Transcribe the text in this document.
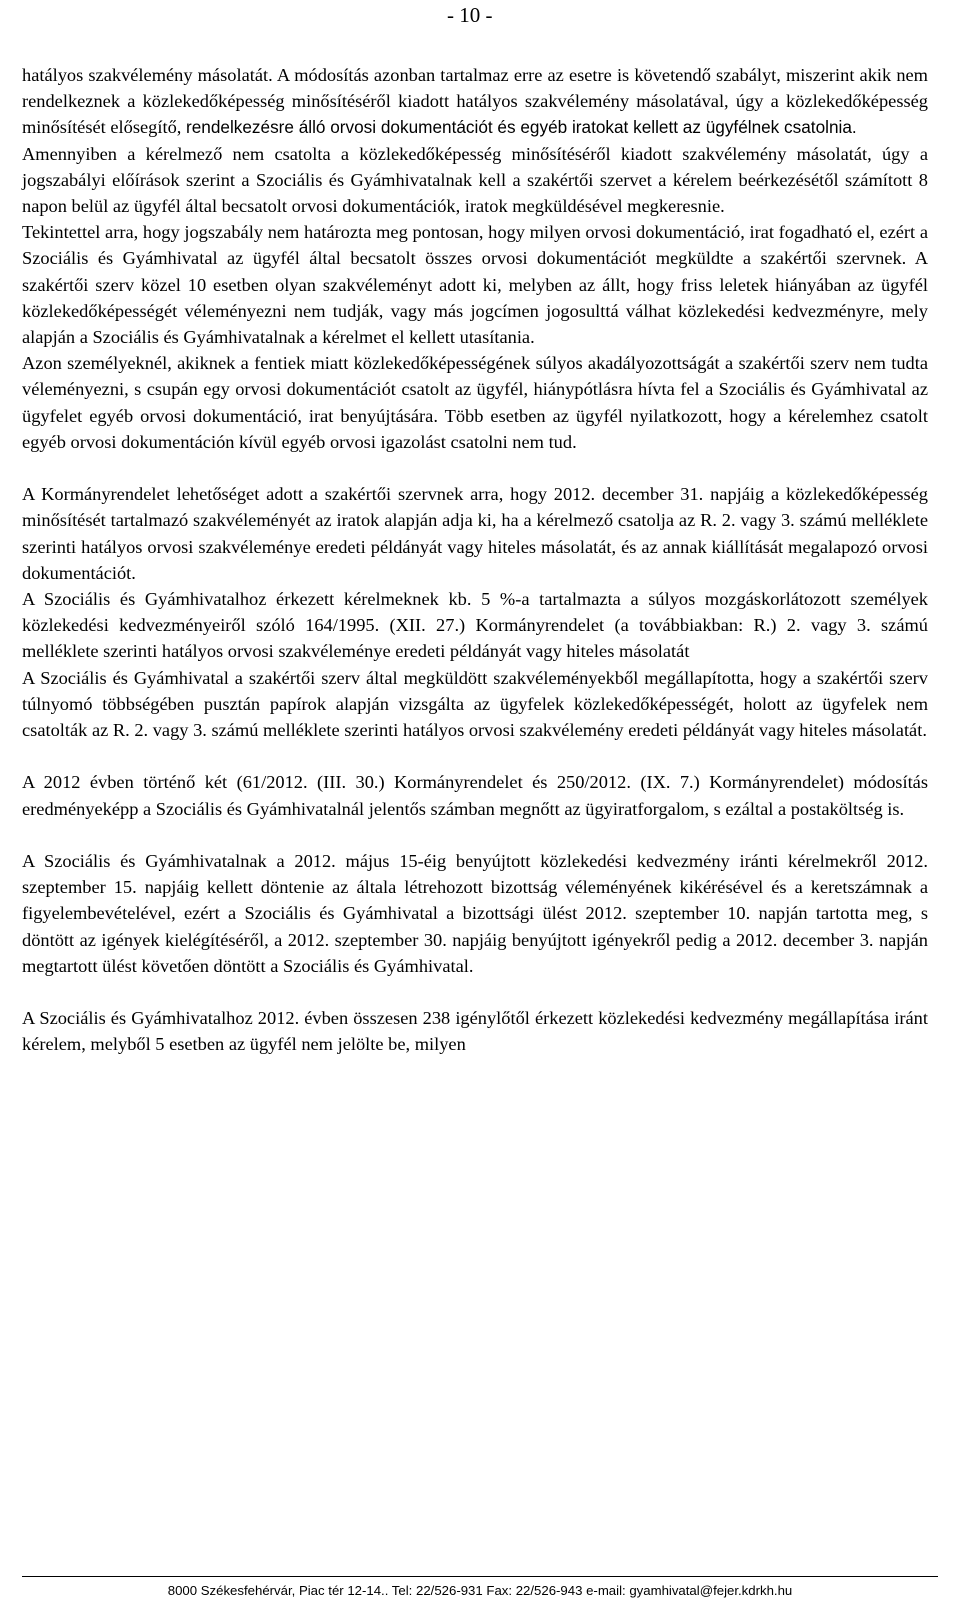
- 10 -

hatályos szakvélemény másolatát. A módosítás azonban tartalmaz erre az esetre is követendő szabályt, miszerint akik nem rendelkeznek a közlekedőképesség minősítéséről kiadott hatályos szakvélemény másolatával, úgy a közlekedőképesség minősítését elősegítő, rendelkezésre álló orvosi dokumentációt és egyéb iratokat kellett az ügyfélnek csatolnia.

Amennyiben a kérelmező nem csatolta a közlekedőképesség minősítéséről kiadott szakvélemény másolatát, úgy a jogszabályi előírások szerint a Szociális és Gyámhivatalnak kell a szakértői szervet a kérelem beérkezésétől számított 8 napon belül az ügyfél által becsatolt orvosi dokumentációk, iratok megküldésével megkeresnie.

Tekintettel arra, hogy jogszabály nem határozta meg pontosan, hogy milyen orvosi dokumentáció, irat fogadható el, ezért a Szociális és Gyámhivatal az ügyfél által becsatolt összes orvosi dokumentációt megküldte a szakértői szervnek. A szakértői szerv közel 10 esetben olyan szakvéleményt adott ki, melyben az állt, hogy friss leletek hiányában az ügyfél közlekedőképességét véleményezni nem tudják, vagy más jogcímen jogosulttá válhat közlekedési kedvezményre, mely alapján a Szociális és Gyámhivatalnak a kérelmet el kellett utasítania.

Azon személyeknél, akiknek a fentiek miatt közlekedőképességének súlyos akadályozottságát a szakértői szerv nem tudta véleményezni, s csupán egy orvosi dokumentációt csatolt az ügyfél, hiánypótlásra hívta fel a Szociális és Gyámhivatal az ügyfelet egyéb orvosi dokumentáció, irat benyújtására. Több esetben az ügyfél nyilatkozott, hogy a kérelemhez csatolt egyéb orvosi dokumentáción kívül egyéb orvosi igazolást csatolni nem tud.

A Kormányrendelet lehetőséget adott a szakértői szervnek arra, hogy 2012. december 31. napjáig a közlekedőképesség minősítését tartalmazó szakvéleményét az iratok alapján adja ki, ha a kérelmező csatolja az R. 2. vagy 3. számú melléklete szerinti hatályos orvosi szakvéleménye eredeti példányát vagy hiteles másolatát, és az annak kiállítását megalapozó orvosi dokumentációt.

A Szociális és Gyámhivatalhoz érkezett kérelmeknek kb. 5 %-a tartalmazta a súlyos mozgáskorlátozott személyek közlekedési kedvezményeiről szóló 164/1995. (XII. 27.) Kormányrendelet (a továbbiakban: R.) 2. vagy 3. számú melléklete szerinti hatályos orvosi szakvéleménye eredeti példányát vagy hiteles másolatát

A Szociális és Gyámhivatal a szakértői szerv által megküldött szakvéleményekből megállapította, hogy a szakértői szerv túlnyomó többségében pusztán papírok alapján vizsgálta az ügyfelek közlekedőképességét, holott az ügyfelek nem csatolták az R. 2. vagy 3. számú melléklete szerinti hatályos orvosi szakvélemény eredeti példányát vagy hiteles másolatát.

A 2012 évben történő két (61/2012. (III. 30.) Kormányrendelet és 250/2012. (IX. 7.) Kormányrendelet) módosítás eredményeképp a Szociális és Gyámhivatalnál jelentős számban megnőtt az ügyiratforgalom, s ezáltal a postaköltség is.

A Szociális és Gyámhivatalnak a 2012. május 15-éig benyújtott közlekedési kedvezmény iránti kérelmekről 2012. szeptember 15. napjáig kellett döntenie az általa létrehozott bizottság véleményének kikérésével és a keretszámnak a figyelembevételével, ezért a Szociális és Gyámhivatal a bizottsági ülést 2012. szeptember 10. napján tartotta meg, s döntött az igények kielégítéséről, a 2012. szeptember 30. napjáig benyújtott igényekről pedig a 2012. december 3. napján megtartott ülést követően döntött a Szociális és Gyámhivatal.

A Szociális és Gyámhivatalhoz 2012. évben összesen 238 igénylőtől érkezett közlekedési kedvezmény megállapítása iránt kérelem, melyből 5 esetben az ügyfél nem jelölte be, milyen

8000 Székesfehérvár, Piac tér 12-14.. Tel: 22/526-931 Fax: 22/526-943 e-mail: gyamhivatal@fejer.kdrkh.hu
